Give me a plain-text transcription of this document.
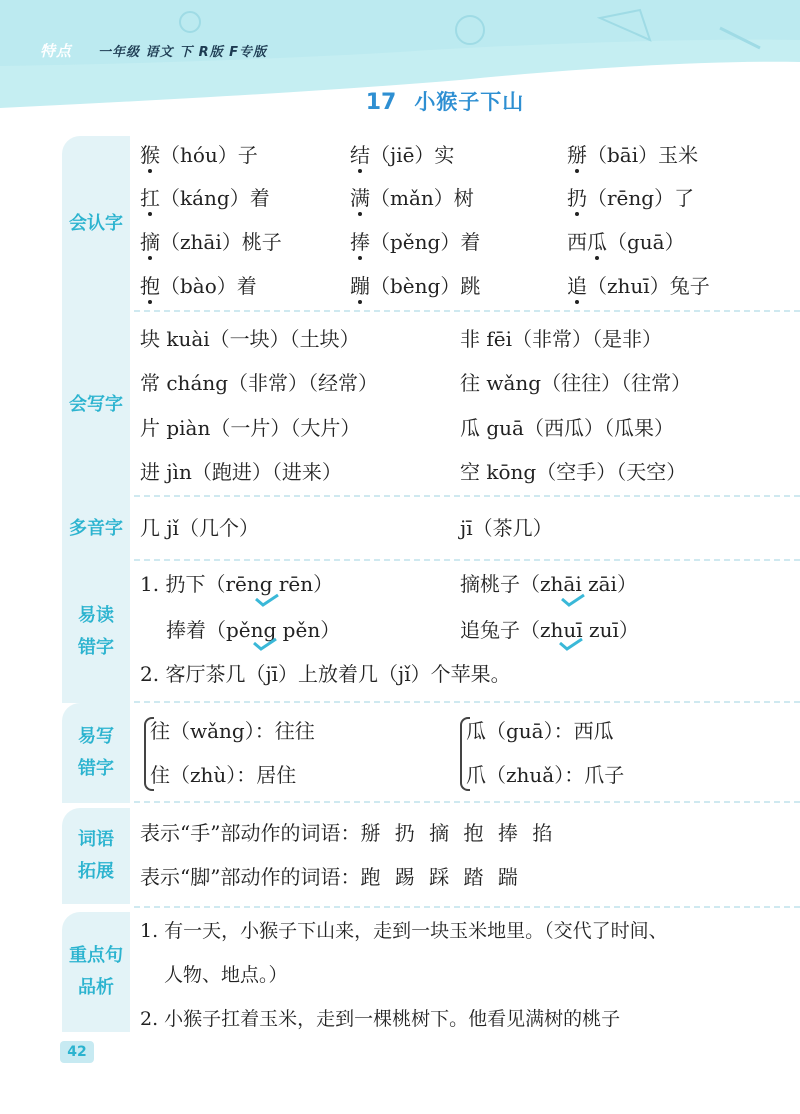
特点 一年级 语文 下 R版 F专版
17 小猴子下山
会认字
猴（hóu）子	结（jiē）实	掰（bāi）玉米
扛（káng）着	满（mǎn）树	扔（rēng）了
摘（zhāi）桃子	捧（pěng）着	西瓜（guā）
抱（bào）着	蹦（bèng）跳	追（zhuī）兔子
会写字
块 kuài（一块）（土块）	非 fēi（非常）（是非）
常 cháng（非常）（经常）	往 wǎng（往往）（往常）
片 piàn（一片）（大片）	瓜 guā（西瓜）（瓜果）
进 jìn（跑进）（进来）	空 kōng（空手）（天空）
多音字 几 jǐ（几个）	jī（茶几）
易读
错字
1. 扔下（rēng rēn）	摘桃子（zhāi zāi）
捧着（pěng pěn）	追兔子（zhuī zuī）
2. 客厅茶几（jī）上放着几（jǐ）个苹果。
易写
错字
往（wǎng）：往往	瓜（guā）：西瓜
住（zhù）：居住	爪（zhuǎ）：爪子
词语
拓展
表示“手”部动作的词语：掰 扔 摘 抱 捧 掐
表示“脚”部动作的词语：跑 踢 踩 踏 踹
重点句
品析
1. 有一天，小猴子下山来，走到一块玉米地里。（交代了时间、
人物、地点。）
2. 小猴子扛着玉米，走到一棵桃树下。他看见满树的桃子
42
